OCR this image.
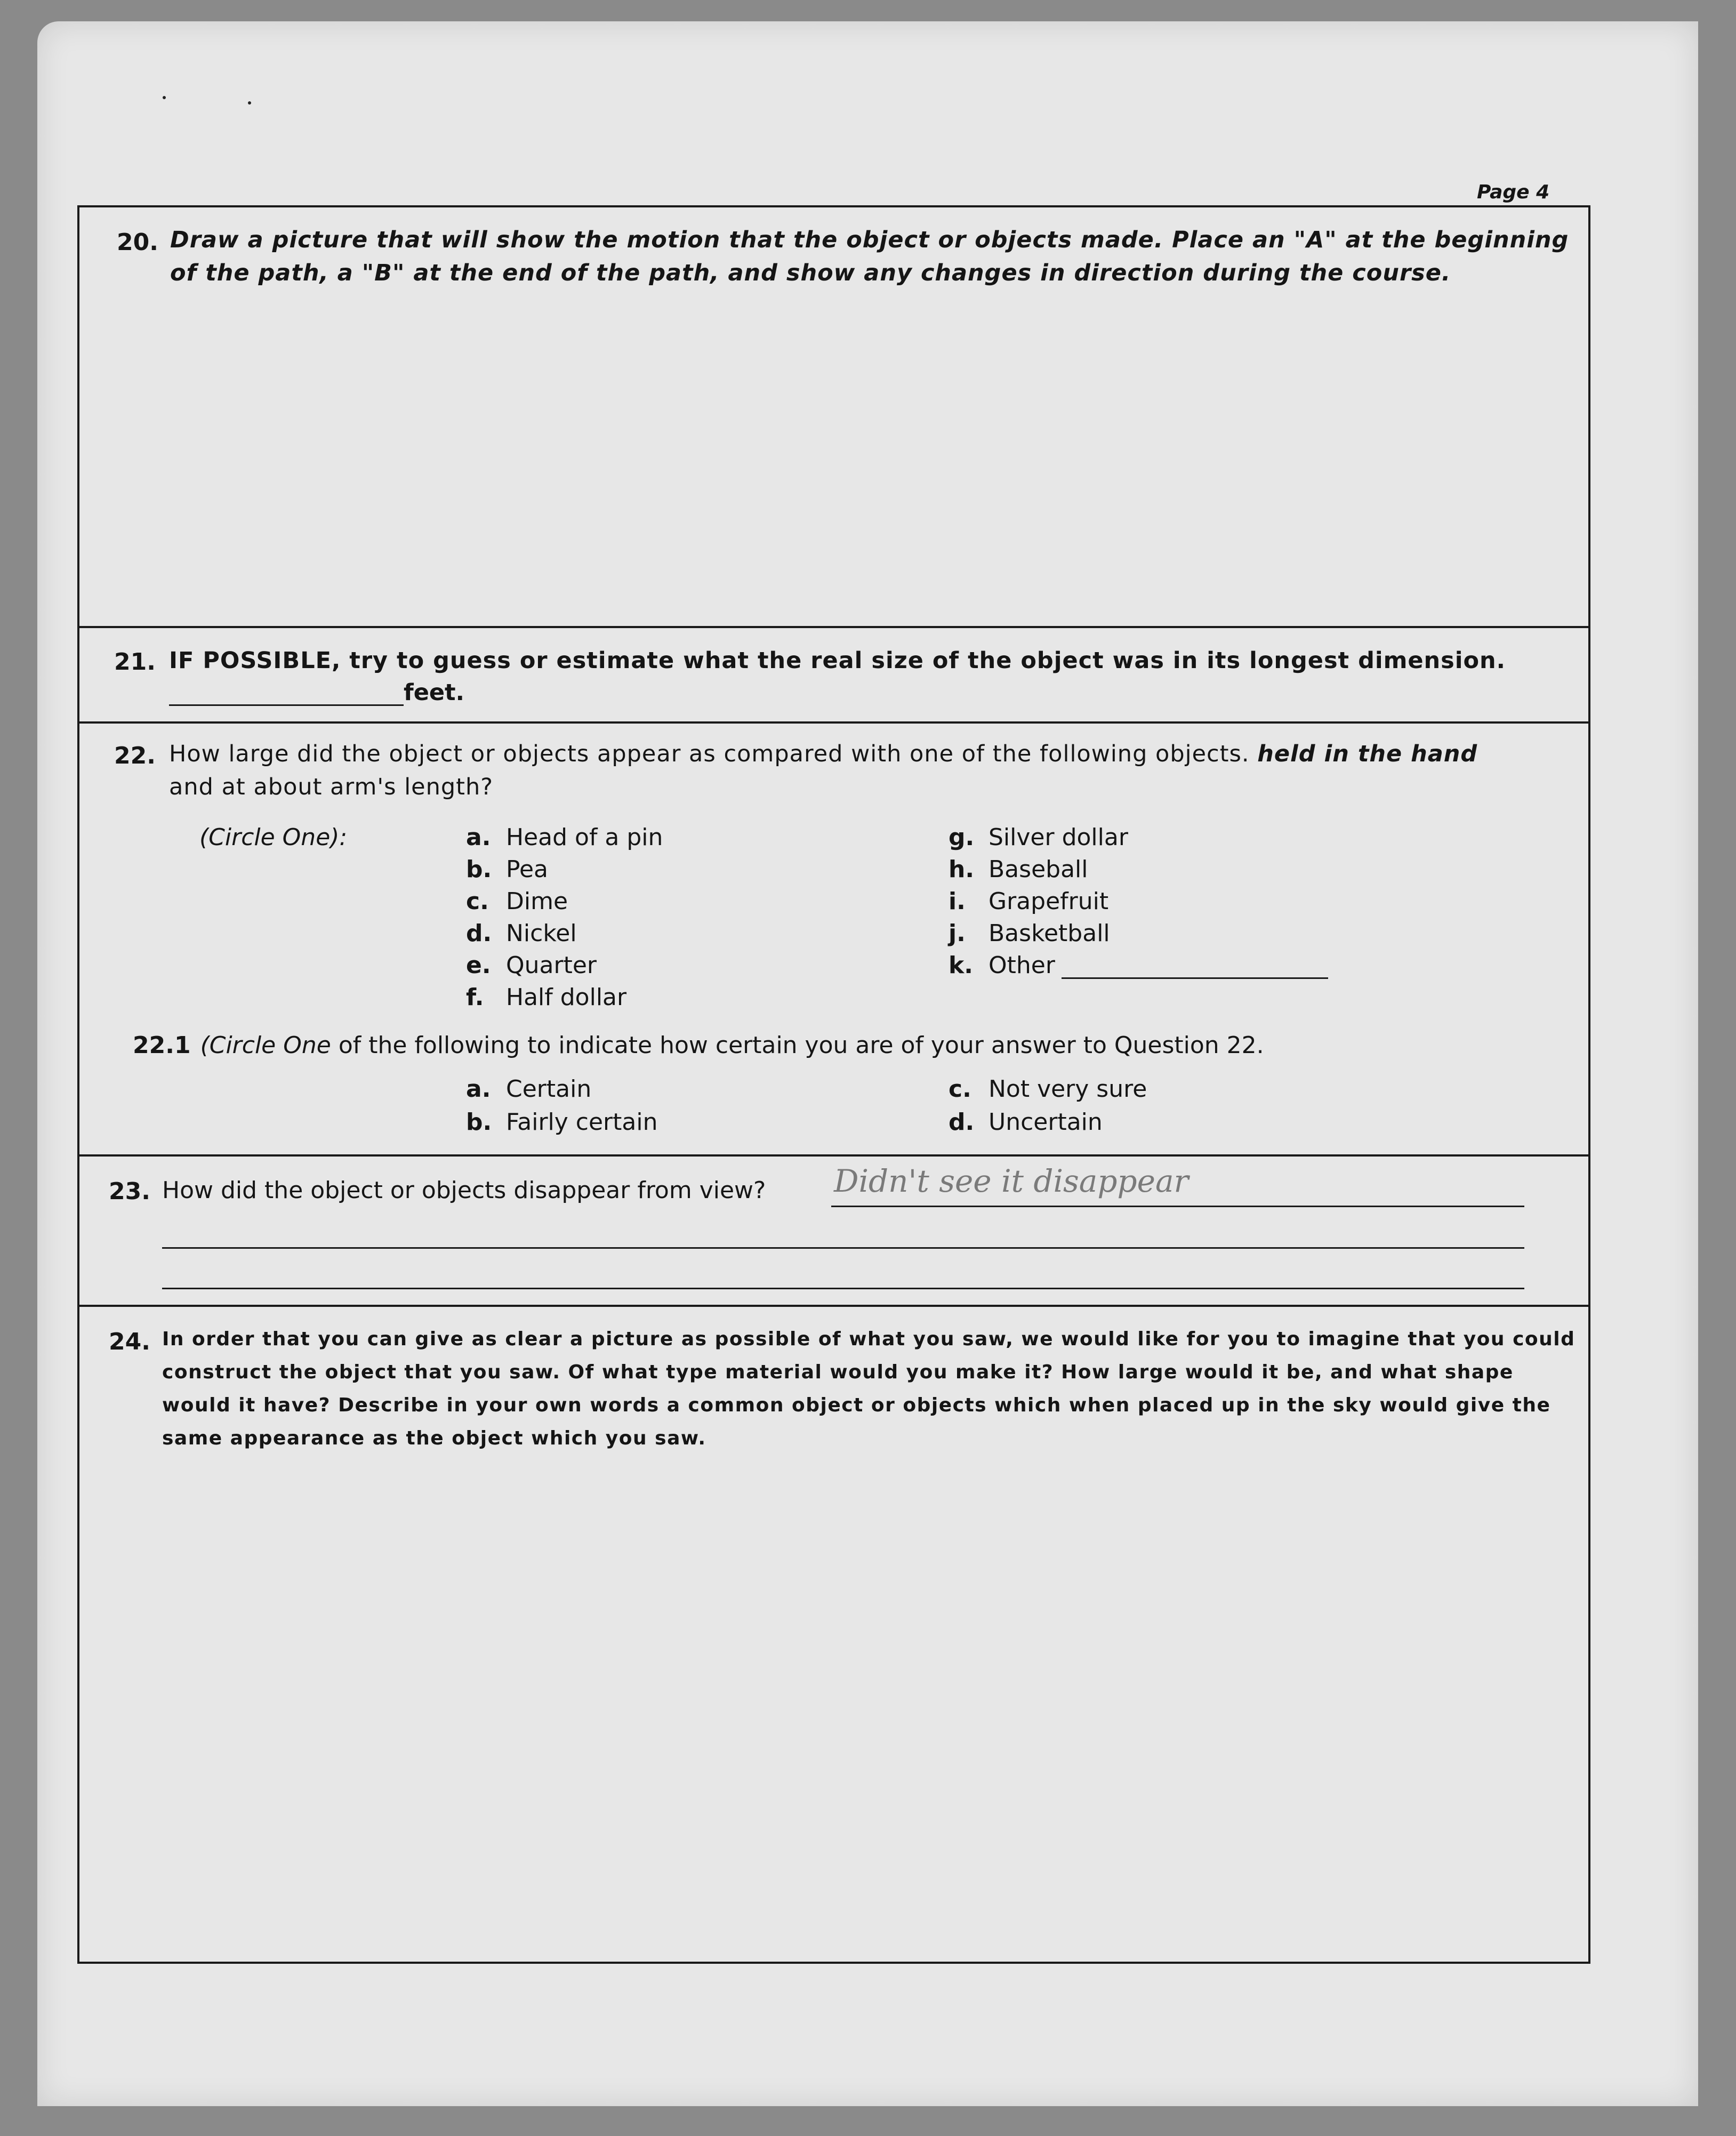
Page 4
20. Draw a picture that will show the motion that the object or objects made. Place an "A" at the beginning
of the path, a "B" at the end of the path, and show any changes in direction during the course.
21. IF POSSIBLE, try to guess or estimate what the real size of the object was in its longest dimension.
feet.
22. How large did the object or objects appear as compared with one of the following objects. held in the hand
and at about arm's length?
(Circle One):	a. Head of a pin
b. Pea
c. Dime
d. Nickel
e. Quarter
f. Half dollar
g. Silver dollar
h. Baseball
i. Grapefruit
j. Basketball
k. Other
22.1 (Circle One of the following to indicate how certain you are of your answer to Question 22.
a. Certain
b. Fairly certain
c. Not very sure
d. Uncertain
23. How did the object or objects disappear from view? Didn't see it disappear
24. In order that you can give as clear a picture as possible of what you saw, we would like for you to imagine that you could
construct the object that you saw. Of what type material would you make it? How large would it be, and what shape
would it have? Describe in your own words a common object or objects which when placed up in the sky would give the
same appearance as the object which you saw.
